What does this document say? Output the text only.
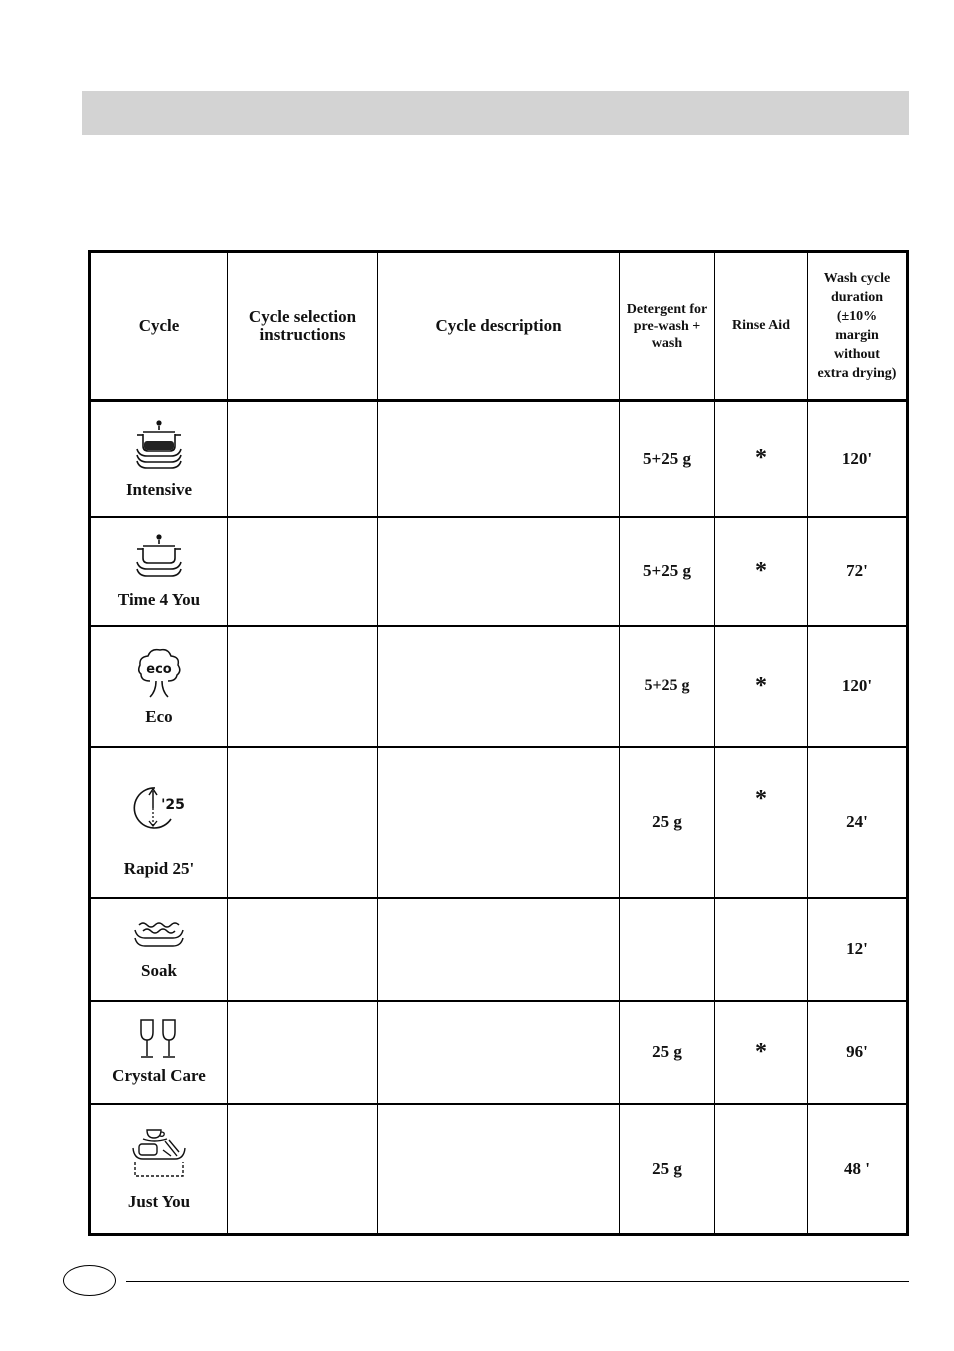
Cycle	Cycle selection instructions	Cycle description	Detergent for pre-wash + wash	Rinse Aid	Wash cycle duration (±10% margin without extra drying)

Intensive			5+25 g	*	120'

Time 4 You			5+25 g	*	72'

eco
Eco			5+25 g	*	120'

'25
Rapid 25'			25 g	*	24'

Soak					12'

Crystal Care			25 g	*	96'

Just You			25 g		48 '
